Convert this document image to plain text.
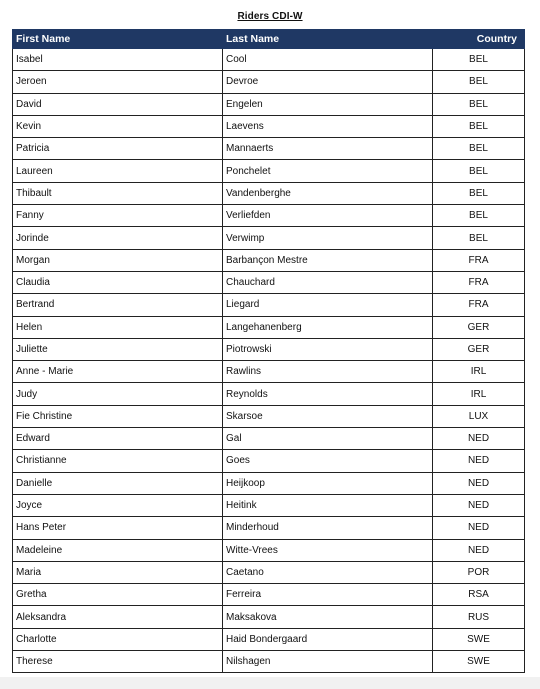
Riders CDI-W
First Name	Last Name	Country
Isabel	Cool	BEL
Jeroen	Devroe	BEL
David	Engelen	BEL
Kevin	Laevens	BEL
Patricia	Mannaerts	BEL
Laureen	Ponchelet	BEL
Thibault	Vandenberghe	BEL
Fanny	Verliefden	BEL
Jorinde	Verwimp	BEL
Morgan	Barbançon Mestre	FRA
Claudia	Chauchard	FRA
Bertrand	Liegard	FRA
Helen	Langehanenberg	GER
Juliette	Piotrowski	GER
Anne - Marie	Rawlins	IRL
Judy	Reynolds	IRL
Fie Christine	Skarsoe	LUX
Edward	Gal	NED
Christianne	Goes	NED
Danielle	Heijkoop	NED
Joyce	Heitink	NED
Hans Peter	Minderhoud	NED
Madeleine	Witte-Vrees	NED
Maria	Caetano	POR
Gretha	Ferreira	RSA
Aleksandra	Maksakova	RUS
Charlotte	Haid Bondergaard	SWE
Therese	Nilshagen	SWE
